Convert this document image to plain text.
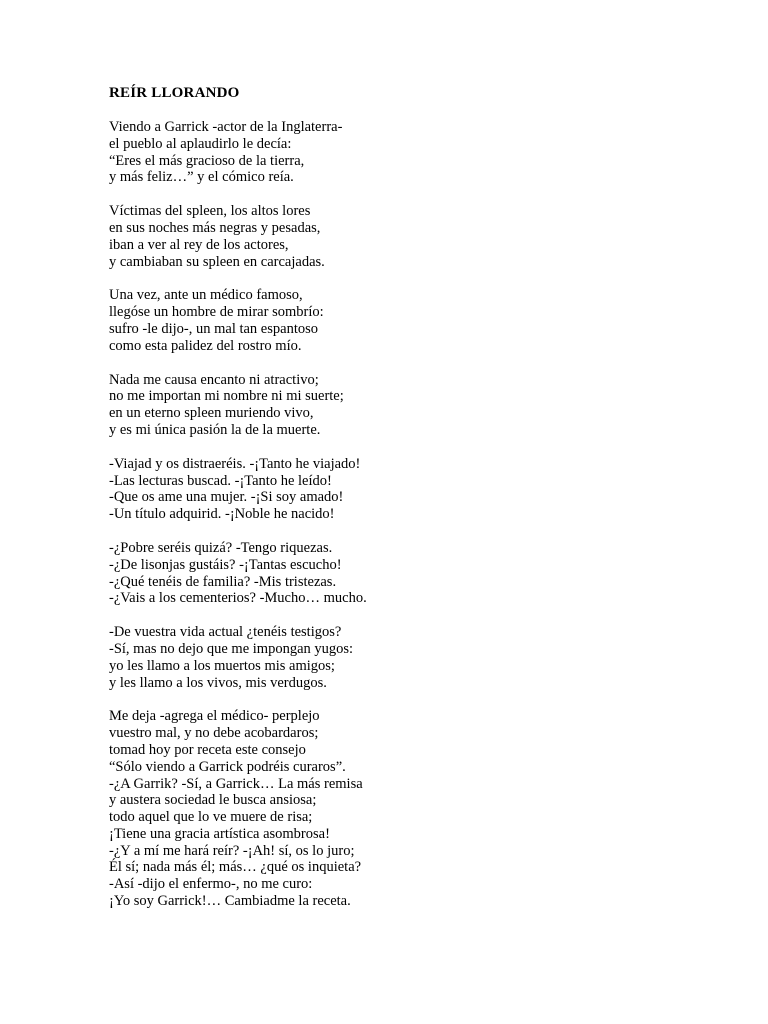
REÍR LLORANDO
Viendo a Garrick -actor de la Inglaterra-
el pueblo al aplaudirlo le decía:
“Eres el más gracioso de la tierra,
y más feliz…” y el cómico reía.
Víctimas del spleen, los altos lores
en sus noches más negras y pesadas,
iban a ver al rey de los actores,
y cambiaban su spleen en carcajadas.
Una vez, ante un médico famoso,
llegóse un hombre de mirar sombrío:
sufro -le dijo-, un mal tan espantoso
como esta palidez del rostro mío.
Nada me causa encanto ni atractivo;
no me importan mi nombre ni mi suerte;
en un eterno spleen muriendo vivo,
y es mi única pasión la de la muerte.
-Viajad y os distraeréis. -¡Tanto he viajado!
-Las lecturas buscad. -¡Tanto he leído!
-Que os ame una mujer. -¡Si soy amado!
-Un título adquirid. -¡Noble he nacido!
-¿Pobre seréis quizá? -Tengo riquezas.
-¿De lisonjas gustáis? -¡Tantas escucho!
-¿Qué tenéis de familia? -Mis tristezas.
-¿Vais a los cementerios? -Mucho… mucho.
-De vuestra vida actual ¿tenéis testigos?
-Sí, mas no dejo que me impongan yugos:
yo les llamo a los muertos mis amigos;
y les llamo a los vivos, mis verdugos.
Me deja -agrega el médico- perplejo
vuestro mal, y no debe acobardaros;
tomad hoy por receta este consejo
“Sólo viendo a Garrick podréis curaros”.
-¿A Garrik? -Sí, a Garrick… La más remisa
y austera sociedad le busca ansiosa;
todo aquel que lo ve muere de risa;
¡Tiene una gracia artística asombrosa!
-¿Y a mí me hará reír? -¡Ah! sí, os lo juro;
Él sí; nada más él; más… ¿qué os inquieta?
-Así -dijo el enfermo-, no me curo:
¡Yo soy Garrick!… Cambiadme la receta.
